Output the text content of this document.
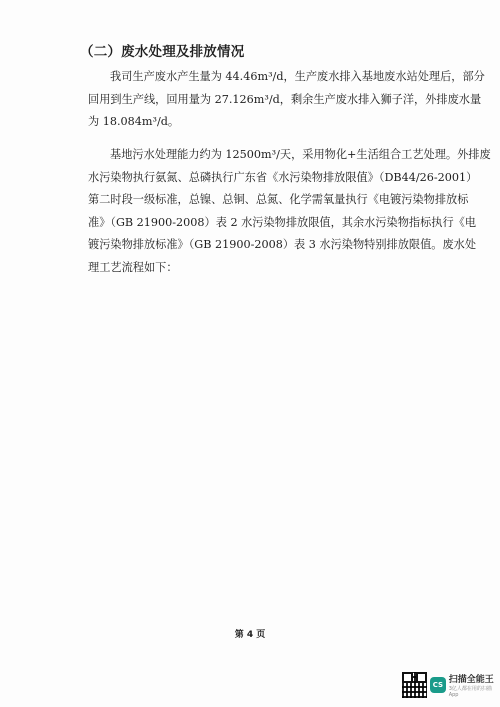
（二）废水处理及排放情况
我司生产废水产生量为 44.46m³/d，生产废水排入基地废水站处理后，部分
回用到生产线，回用量为 27.126m³/d，剩余生产废水排入狮子洋，外排废水量
为 18.084m³/d。
基地污水处理能力约为 12500m³/天，采用物化+生活组合工艺处理。外排废
水污染物执行氨氮、总磷执行广东省《水污染物排放限值》（DB44/26-2001）
第二时段一级标准，总镍、总铜、总氮、化学需氧量执行《电镀污染物排放标
准》（GB 21900-2008）表 2 水污染物排放限值，其余水污染物指标执行《电
镀污染物排放标准》（GB 21900-2008）表 3 水污染物特别排放限值。废水处
理工艺流程如下：
第 4 页
CS 扫描全能王
3亿人都在用的扫描App
